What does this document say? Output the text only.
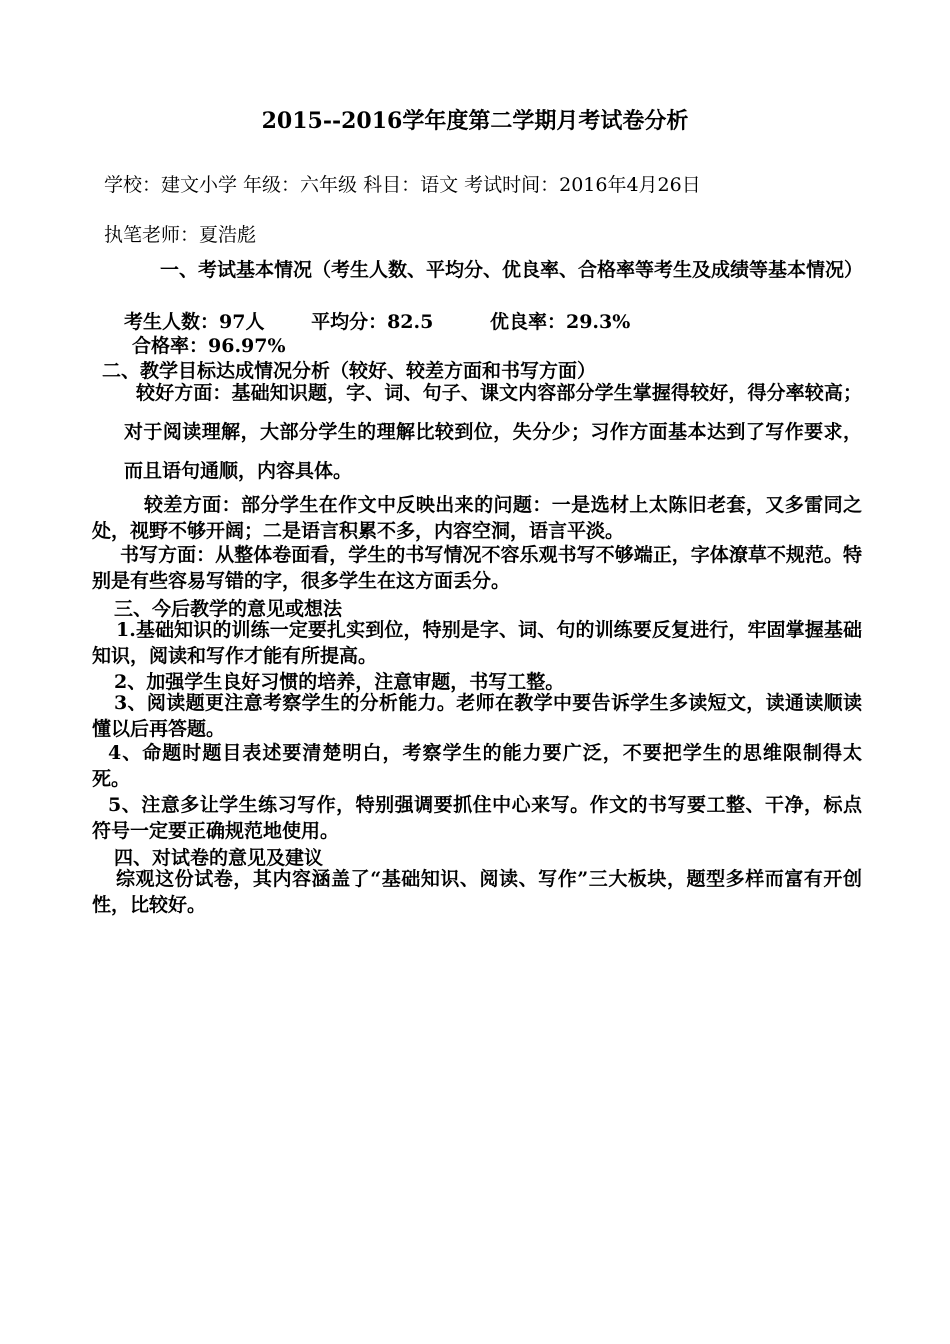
2015--2016学年度第二学期月考试卷分析
学校：建文小学 年级：六年级 科目：语文 考试时间：2016年4月26日
执笔老师：夏浩彪
一、考试基本情况（考生人数、平均分、优良率、合格率等考生及成绩等基本情况）
考生人数：97人 平均分：82.5	优良率：29.3%
合格率：96.97%
二、教学目标达成情况分析（较好、较差方面和书写方面）
较好方面：基础知识题，字、词、句子、课文内容部分学生掌握得较好，得分率较高；对于阅读理解，大部分学生的理解比较到位，失分少；习作方面基本达到了写作要求，而且语句通顺，内容具体。
较差方面：部分学生在作文中反映出来的问题：一是选材上太陈旧老套，又多雷同之处，视野不够开阔；二是语言积累不多，内容空洞，语言平淡。
书写方面：从整体卷面看，学生的书写情况不容乐观书写不够端正，字体潦草不规范。特别是有些容易写错的字，很多学生在这方面丢分。
三、今后教学的意见或想法
1.基础知识的训练一定要扎实到位，特别是字、词、句的训练要反复进行，牢固掌握基础知识，阅读和写作才能有所提高。
2、加强学生良好习惯的培养，注意审题，书写工整。
3、阅读题更注意考察学生的分析能力。老师在教学中要告诉学生多读短文，读通读顺读懂以后再答题。
4、命题时题目表述要清楚明白，考察学生的能力要广泛，不要把学生的思维限制得太死。
5、注意多让学生练习写作，特别强调要抓住中心来写。作文的书写要工整、干净，标点符号一定要正确规范地使用。
四、对试卷的意见及建议
综观这份试卷，其内容涵盖了“基础知识、阅读、写作”三大板块，题型多样而富有开创性，比较好。
